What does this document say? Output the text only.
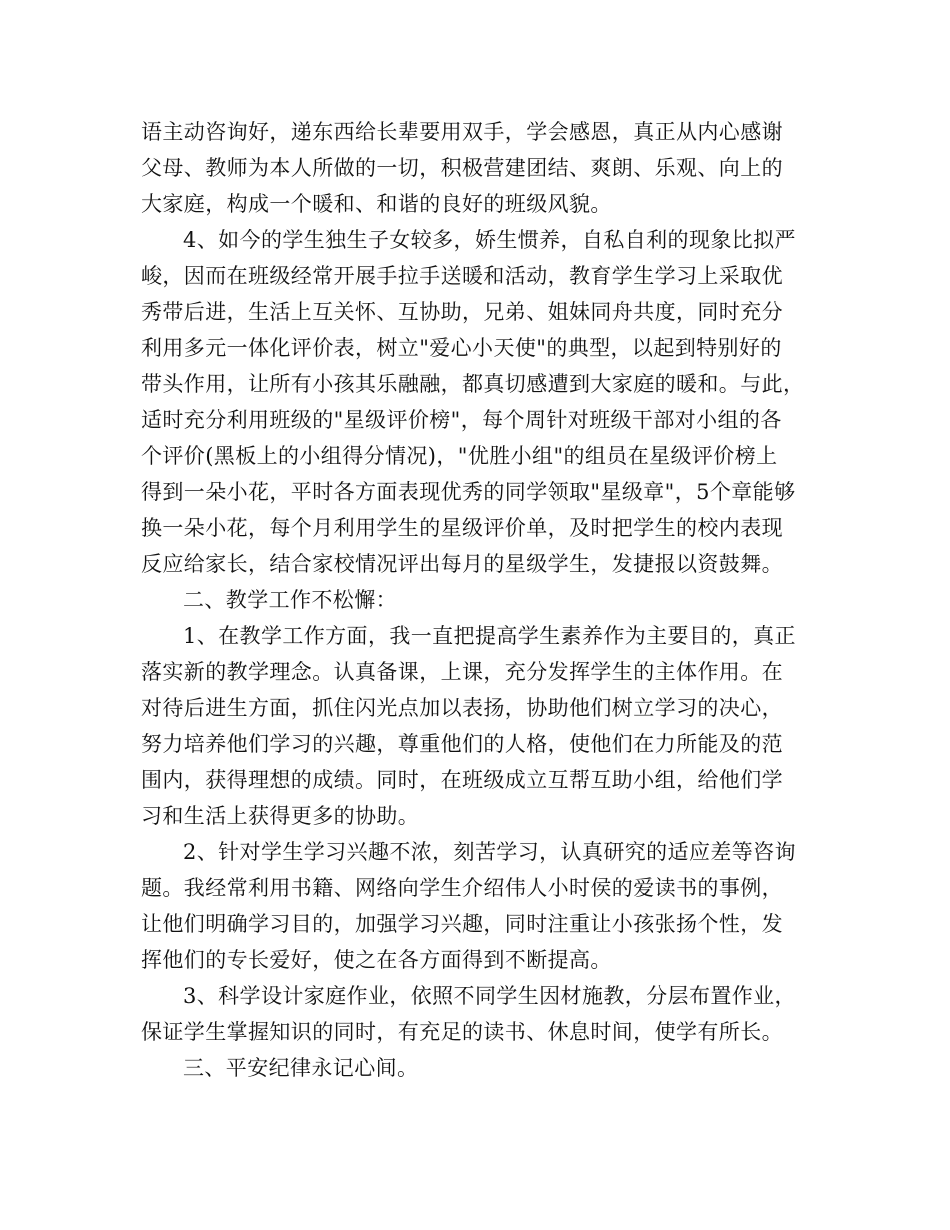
语主动咨询好，递东西给长辈要用双手，学会感恩，真正从内心感谢
父母、教师为本人所做的一切，积极营建团结、爽朗、乐观、向上的
大家庭，构成一个暖和、和谐的良好的班级风貌。
4、如今的学生独生子女较多，娇生惯养，自私自利的现象比拟严
峻，因而在班级经常开展手拉手送暖和活动，教育学生学习上采取优
秀带后进，生活上互关怀、互协助，兄弟、姐妹同舟共度，同时充分
利用多元一体化评价表，树立"爱心小天使"的典型，以起到特别好的
带头作用，让所有小孩其乐融融，都真切感遭到大家庭的暖和。与此，
适时充分利用班级的"星级评价榜"，每个周针对班级干部对小组的各
个评价(黑板上的小组得分情况)，"优胜小组"的组员在星级评价榜上
得到一朵小花，平时各方面表现优秀的同学领取"星级章"，5个章能够
换一朵小花，每个月利用学生的星级评价单，及时把学生的校内表现
反应给家长，结合家校情况评出每月的星级学生，发捷报以资鼓舞。
二、教学工作不松懈：
1、在教学工作方面，我一直把提高学生素养作为主要目的，真正
落实新的教学理念。认真备课，上课，充分发挥学生的主体作用。在
对待后进生方面，抓住闪光点加以表扬，协助他们树立学习的决心，
努力培养他们学习的兴趣，尊重他们的人格，使他们在力所能及的范
围内，获得理想的成绩。同时，在班级成立互帮互助小组，给他们学
习和生活上获得更多的协助。
2、针对学生学习兴趣不浓，刻苦学习，认真研究的适应差等咨询
题。我经常利用书籍、网络向学生介绍伟人小时侯的爱读书的事例，
让他们明确学习目的，加强学习兴趣，同时注重让小孩张扬个性，发
挥他们的专长爱好，使之在各方面得到不断提高。
3、科学设计家庭作业，依照不同学生因材施教，分层布置作业，
保证学生掌握知识的同时，有充足的读书、休息时间，使学有所长。
三、平安纪律永记心间。
